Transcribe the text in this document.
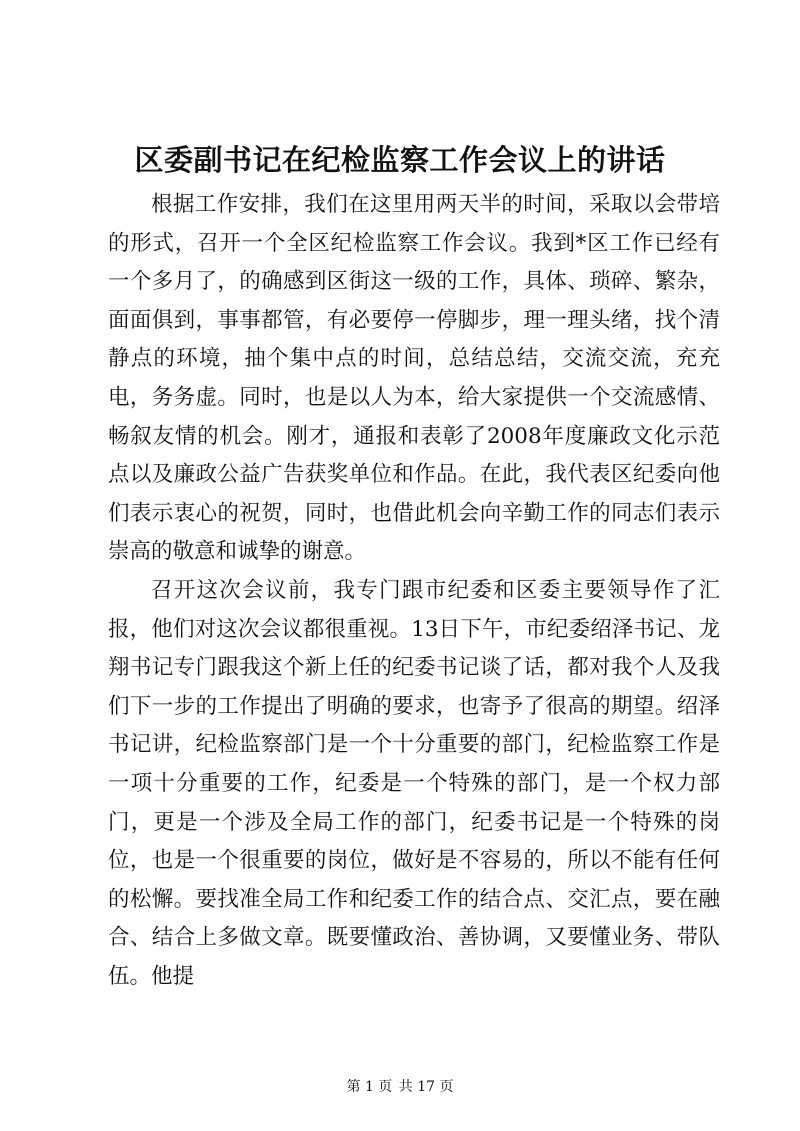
区委副书记在纪检监察工作会议上的讲话

根据工作安排，我们在这里用两天半的时间，采取以会带培的形式，召开一个全区纪检监察工作会议。我到*区工作已经有一个多月了，的确感到区街这一级的工作，具体、琐碎、繁杂，面面俱到，事事都管，有必要停一停脚步，理一理头绪，找个清静点的环境，抽个集中点的时间，总结总结，交流交流，充充电，务务虚。同时，也是以人为本，给大家提供一个交流感情、畅叙友情的机会。刚才，通报和表彰了2008年度廉政文化示范点以及廉政公益广告获奖单位和作品。在此，我代表区纪委向他们表示衷心的祝贺，同时，也借此机会向辛勤工作的同志们表示崇高的敬意和诚挚的谢意。

召开这次会议前，我专门跟市纪委和区委主要领导作了汇报，他们对这次会议都很重视。13日下午，市纪委绍泽书记、龙翔书记专门跟我这个新上任的纪委书记谈了话，都对我个人及我们下一步的工作提出了明确的要求，也寄予了很高的期望。绍泽书记讲，纪检监察部门是一个十分重要的部门，纪检监察工作是一项十分重要的工作，纪委是一个特殊的部门，是一个权力部门，更是一个涉及全局工作的部门，纪委书记是一个特殊的岗位，也是一个很重要的岗位，做好是不容易的，所以不能有任何的松懈。要找准全局工作和纪委工作的结合点、交汇点，要在融合、结合上多做文章。既要懂政治、善协调，又要懂业务、带队伍。他提

第 1 页 共 17 页
